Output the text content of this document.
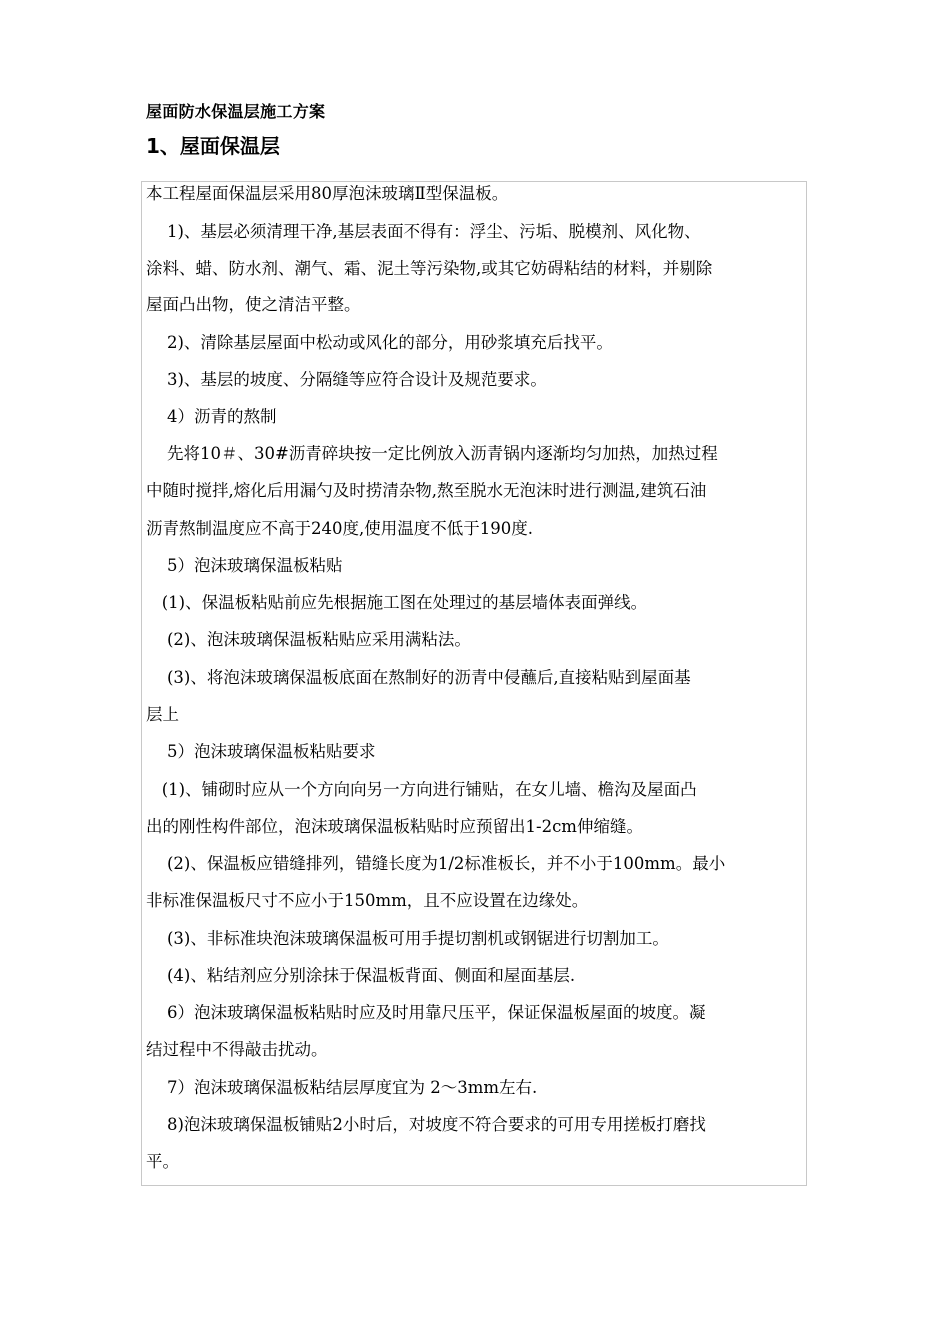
屋面防水保温层施工方案
1、屋面保温层
本工程屋面保温层采用80厚泡沫玻璃Ⅱ型保温板。
1)、基层必须清理干净,基层表面不得有：浮尘、污垢、脱模剂、风化物、
涂料、蜡、防水剂、潮气、霜、泥土等污染物,或其它妨碍粘结的材料，并剔除
屋面凸出物，使之清洁平整。
2)、清除基层屋面中松动或风化的部分，用砂浆填充后找平。
3)、基层的坡度、分隔缝等应符合设计及规范要求。
4）沥青的熬制
先将10＃、30#沥青碎块按一定比例放入沥青锅内逐渐均匀加热，加热过程
中随时搅拌,熔化后用漏勺及时捞清杂物,熬至脱水无泡沫时进行测温,建筑石油
沥青熬制温度应不高于240度,使用温度不低于190度.
5）泡沫玻璃保温板粘贴
(1)、保温板粘贴前应先根据施工图在处理过的基层墙体表面弹线。
(2)、泡沫玻璃保温板粘贴应采用满粘法。
(3)、将泡沫玻璃保温板底面在熬制好的沥青中侵蘸后,直接粘贴到屋面基
层上
5）泡沫玻璃保温板粘贴要求
(1)、铺砌时应从一个方向向另一方向进行铺贴，在女儿墙、檐沟及屋面凸
出的刚性构件部位，泡沫玻璃保温板粘贴时应预留出1-2cm伸缩缝。
(2)、保温板应错缝排列，错缝长度为1/2标准板长，并不小于100mm。最小
非标准保温板尺寸不应小于150mm，且不应设置在边缘处。
(3)、非标准块泡沫玻璃保温板可用手提切割机或钢锯进行切割加工。
(4)、粘结剂应分别涂抹于保温板背面、侧面和屋面基层.
6）泡沫玻璃保温板粘贴时应及时用靠尺压平，保证保温板屋面的坡度。凝
结过程中不得敲击扰动。
7）泡沫玻璃保温板粘结层厚度宜为 2～3mm左右.
8)泡沫玻璃保温板铺贴2小时后，对坡度不符合要求的可用专用搓板打磨找
平。
